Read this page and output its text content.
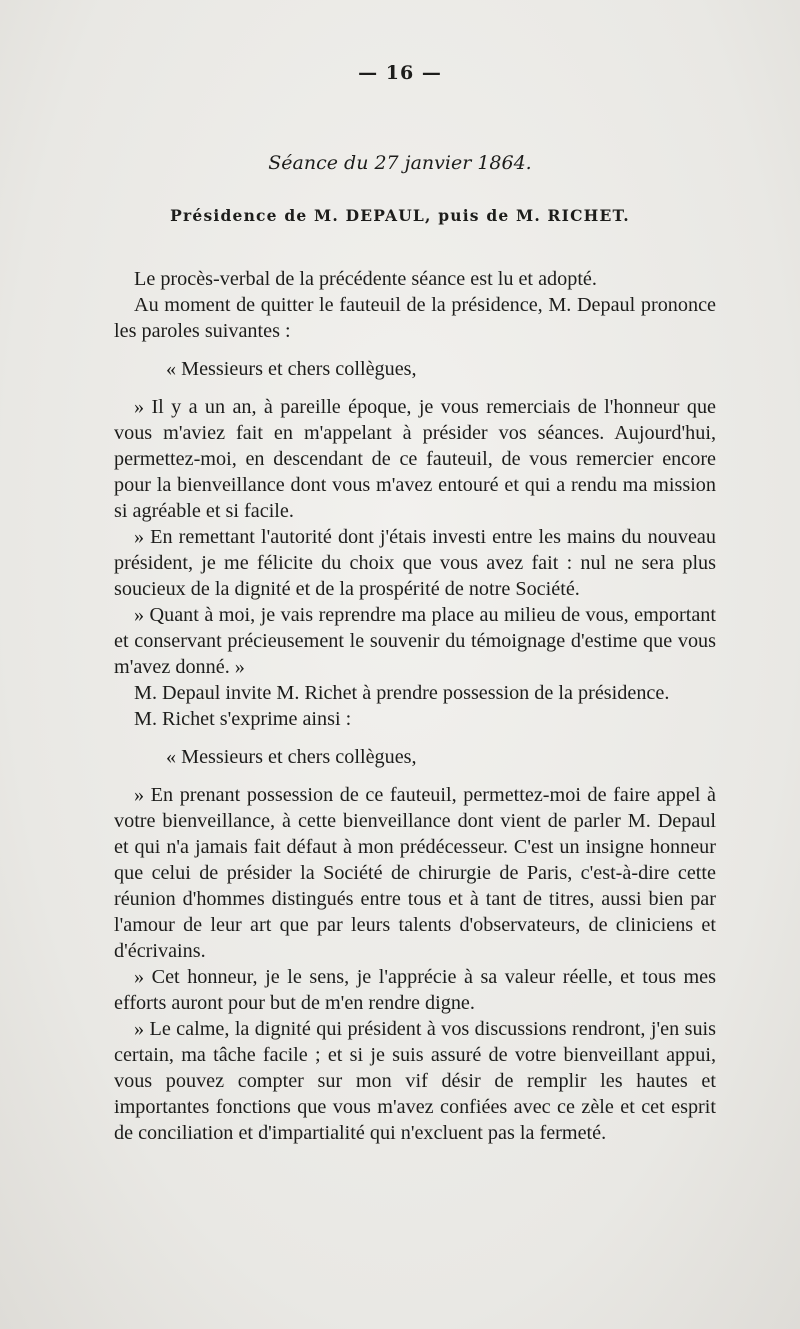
— 16 —
Séance du 27 janvier 1864.
Présidence de M. DEPAUL, puis de M. RICHET.

Le procès-verbal de la précédente séance est lu et adopté.

Au moment de quitter le fauteuil de la présidence, M. Depaul prononce les paroles suivantes :

« Messieurs et chers collègues,

» Il y a un an, à pareille époque, je vous remerciais de l'honneur que vous m'aviez fait en m'appelant à présider vos séances. Aujourd'hui, permettez-moi, en descendant de ce fauteuil, de vous remercier encore pour la bienveillance dont vous m'avez entouré et qui a rendu ma mission si agréable et si facile.

» En remettant l'autorité dont j'étais investi entre les mains du nouveau président, je me félicite du choix que vous avez fait : nul ne sera plus soucieux de la dignité et de la prospérité de notre Société.

» Quant à moi, je vais reprendre ma place au milieu de vous, emportant et conservant précieusement le souvenir du témoignage d'estime que vous m'avez donné. »

M. Depaul invite M. Richet à prendre possession de la présidence.

M. Richet s'exprime ainsi :

« Messieurs et chers collègues,

» En prenant possession de ce fauteuil, permettez-moi de faire appel à votre bienveillance, à cette bienveillance dont vient de parler M. Depaul et qui n'a jamais fait défaut à mon prédécesseur. C'est un insigne honneur que celui de présider la Société de chirurgie de Paris, c'est-à-dire cette réunion d'hommes distingués entre tous et à tant de titres, aussi bien par l'amour de leur art que par leurs talents d'observateurs, de cliniciens et d'écrivains.

» Cet honneur, je le sens, je l'apprécie à sa valeur réelle, et tous mes efforts auront pour but de m'en rendre digne.

» Le calme, la dignité qui président à vos discussions rendront, j'en suis certain, ma tâche facile ; et si je suis assuré de votre bienveillant appui, vous pouvez compter sur mon vif désir de remplir les hautes et importantes fonctions que vous m'avez confiées avec ce zèle et cet esprit de conciliation et d'impartialité qui n'excluent pas la fermeté.
